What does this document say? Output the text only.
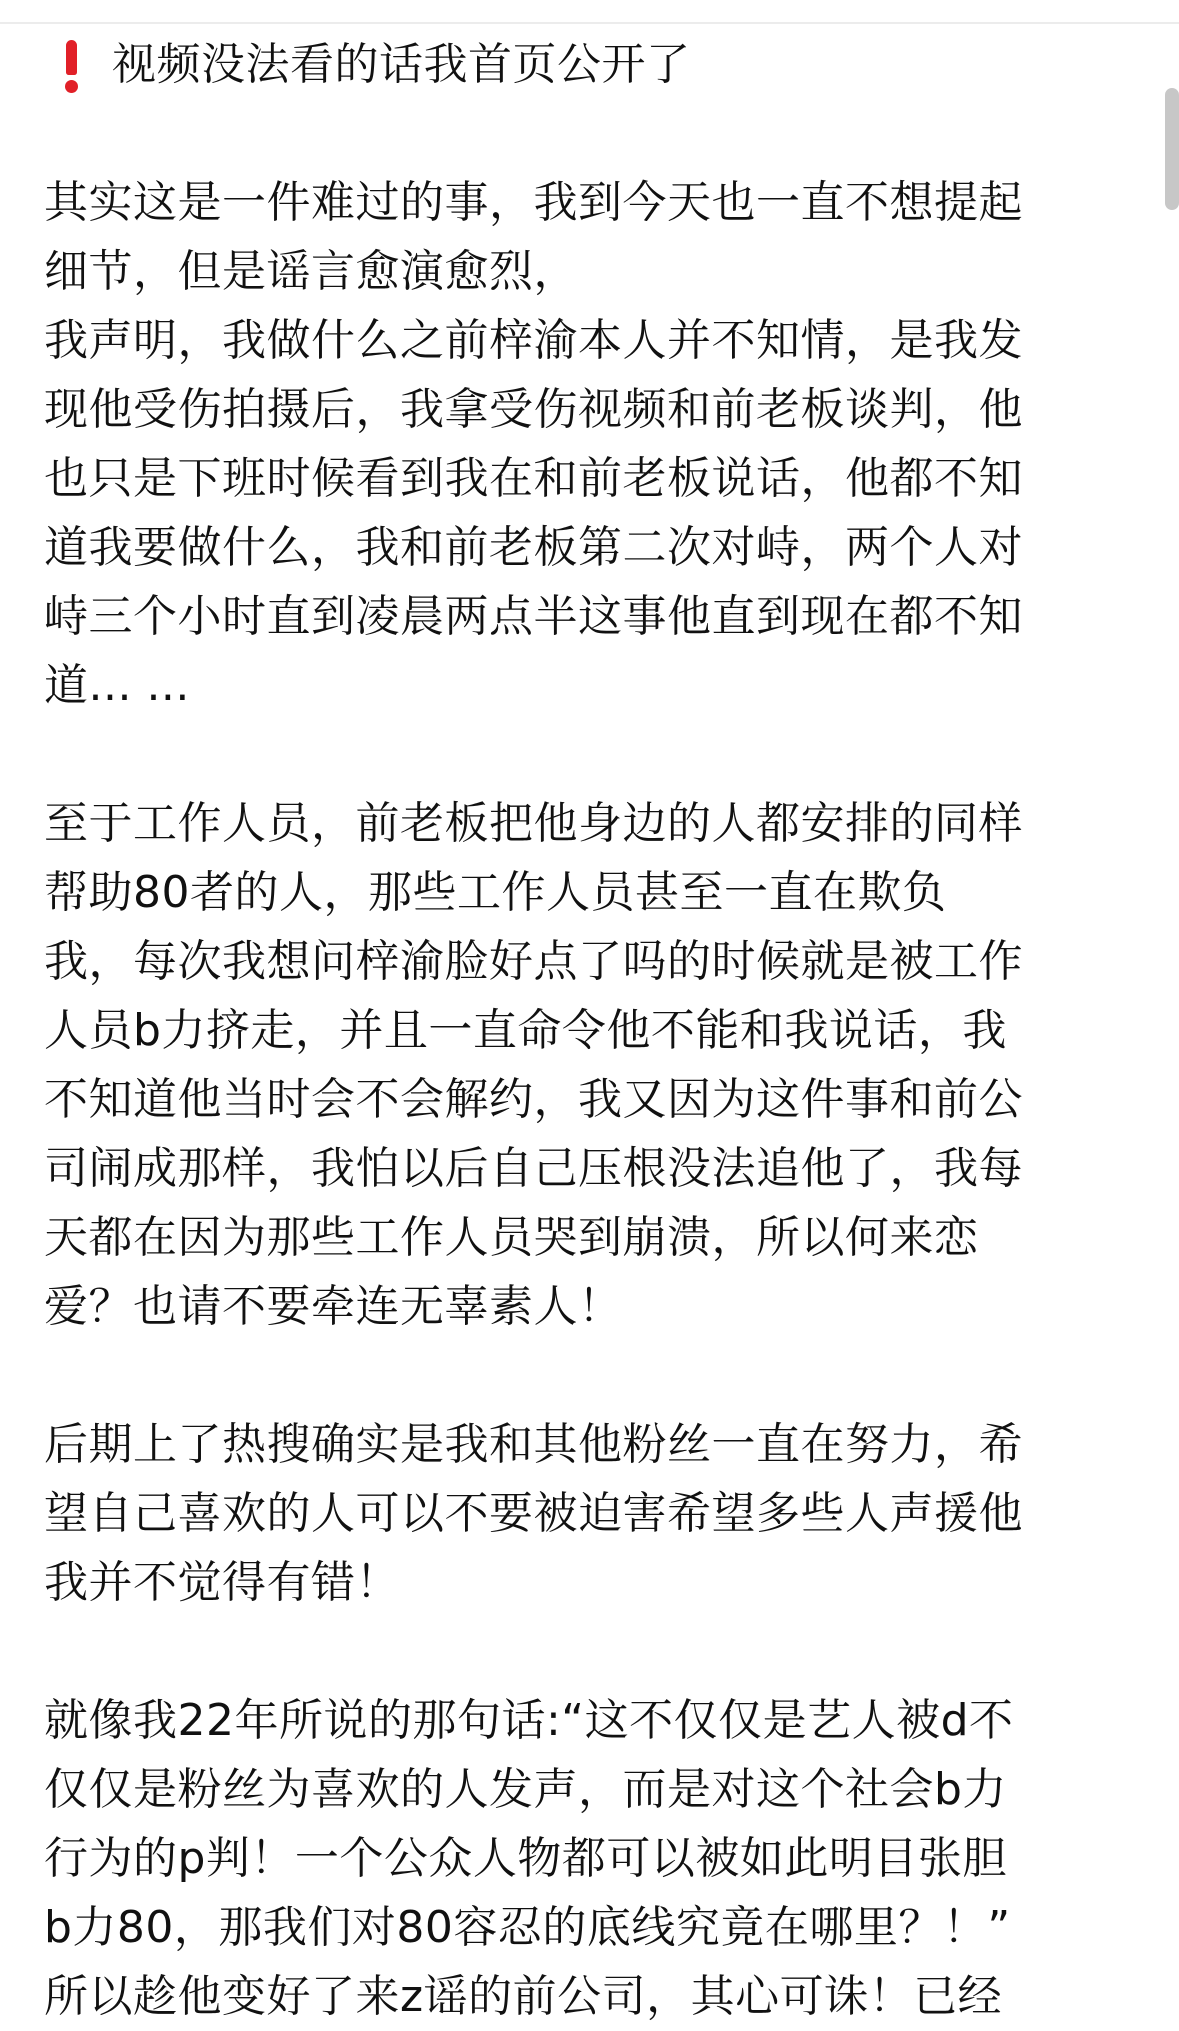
视频没法看的话我首页公开了
其实这是一件难过的事，我到今天也一直不想提起
细节，但是谣言愈演愈烈，
我声明，我做什么之前梓渝本人并不知情，是我发
现他受伤拍摄后，我拿受伤视频和前老板谈判，他
也只是下班时候看到我在和前老板说话，他都不知
道我要做什么，我和前老板第二次对峙，两个人对
峙三个小时直到凌晨两点半这事他直到现在都不知
道... ...
至于工作人员，前老板把他身边的人都安排的同样
帮助80者的人，那些工作人员甚至一直在欺负
我，每次我想问梓渝脸好点了吗的时候就是被工作
人员b力挤走，并且一直命令他不能和我说话，我
不知道他当时会不会解约，我又因为这件事和前公
司闹成那样，我怕以后自己压根没法追他了，我每
天都在因为那些工作人员哭到崩溃，所以何来恋
爱？也请不要牵连无辜素人！
后期上了热搜确实是我和其他粉丝一直在努力，希
望自己喜欢的人可以不要被迫害希望多些人声援他
我并不觉得有错！
就像我22年所说的那句话:“这不仅仅是艺人被d不
仅仅是粉丝为喜欢的人发声，而是对这个社会b力
行为的p判！一个公众人物都可以被如此明目张胆
b力80，那我们对80容忍的底线究竟在哪里？！”
所以趁他变好了来z谣的前公司，其心可诛！已经
